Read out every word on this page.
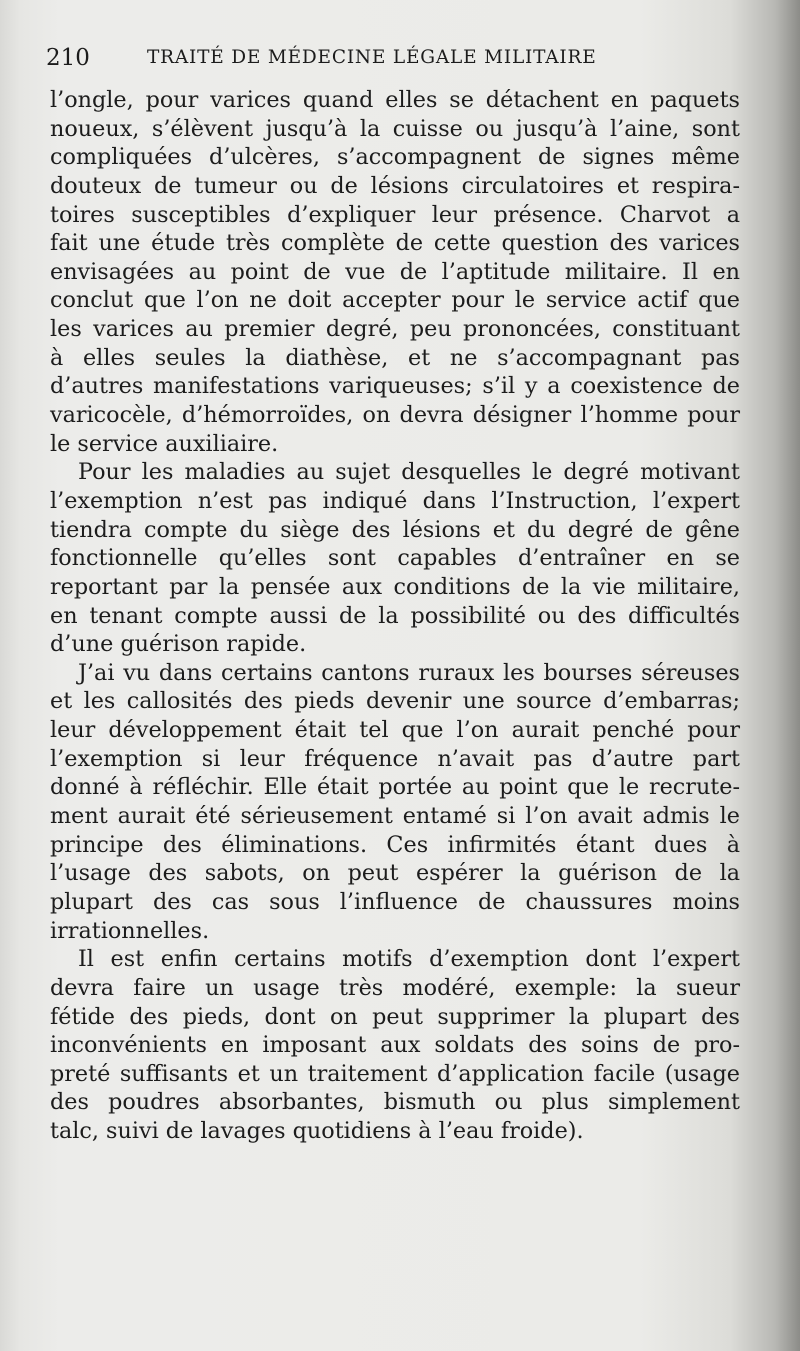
210	TRAITÉ DE MÉDECINE LÉGALE MILITAIRE
l’ongle, pour varices quand elles se détachent en paquets
noueux, s’élèvent jusqu’à la cuisse ou jusqu’à l’aine, sont
compliquées d’ulcères, s’accompagnent de signes même
douteux de tumeur ou de lésions circulatoires et respira-
toires susceptibles d’expliquer leur présence. Charvot a
fait une étude très complète de cette question des varices
envisagées au point de vue de l’aptitude militaire. Il en
conclut que l’on ne doit accepter pour le service actif que
les varices au premier degré, peu prononcées, constituant
à elles seules la diathèse, et ne s’accompagnant pas
d’autres manifestations variqueuses; s’il y a coexistence de
varicocèle, d’hémorroïdes, on devra désigner l’homme pour
le service auxiliaire.
Pour les maladies au sujet desquelles le degré motivant
l’exemption n’est pas indiqué dans l’Instruction, l’expert
tiendra compte du siège des lésions et du degré de gêne
fonctionnelle qu’elles sont capables d’entraîner en se
reportant par la pensée aux conditions de la vie militaire,
en tenant compte aussi de la possibilité ou des difficultés
d’une guérison rapide.
J’ai vu dans certains cantons ruraux les bourses séreuses
et les callosités des pieds devenir une source d’embarras;
leur développement était tel que l’on aurait penché pour
l’exemption si leur fréquence n’avait pas d’autre part
donné à réfléchir. Elle était portée au point que le recrute-
ment aurait été sérieusement entamé si l’on avait admis le
principe des éliminations. Ces infirmités étant dues à
l’usage des sabots, on peut espérer la guérison de la
plupart des cas sous l’influence de chaussures moins
irrationnelles.
Il est enfin certains motifs d’exemption dont l’expert
devra faire un usage très modéré, exemple: la sueur
fétide des pieds, dont on peut supprimer la plupart des
inconvénients en imposant aux soldats des soins de pro-
preté suffisants et un traitement d’application facile (usage
des poudres absorbantes, bismuth ou plus simplement
talc, suivi de lavages quotidiens à l’eau froide).
